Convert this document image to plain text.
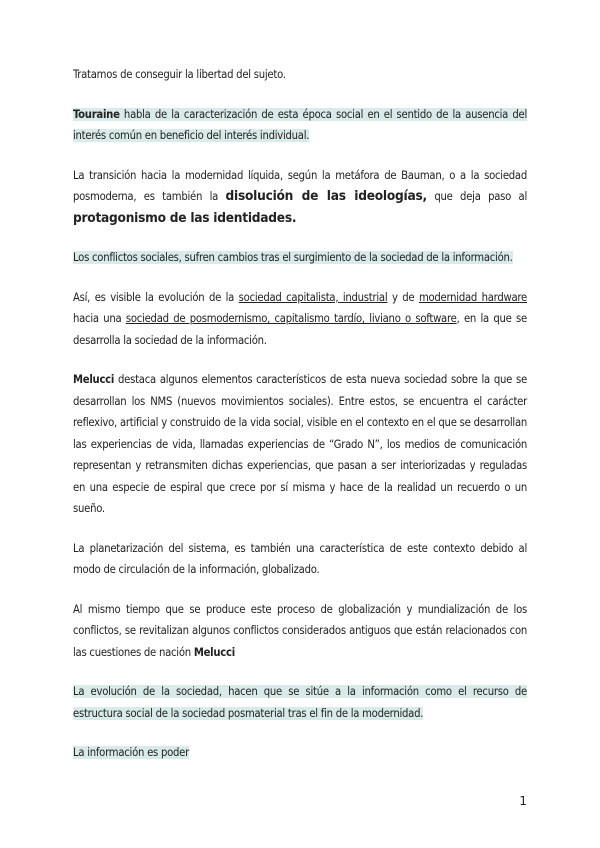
Tratamos de conseguir la libertad del sujeto.

Touraine habla de la caracterización de esta época social en el sentido de la ausencia del interés común en beneficio del interés individual.

La transición hacia la modernidad líquida, según la metáfora de Bauman, o a la sociedad posmoderna, es también la disolución de las ideologías, que deja paso al protagonismo de las identidades.

Los conflictos sociales, sufren cambios tras el surgimiento de la sociedad de la información.

Así, es visible la evolución de la sociedad capitalista, industrial y de modernidad hardware hacia una sociedad de posmodernismo, capitalismo tardío, liviano o software, en la que se desarrolla la sociedad de la información.

Melucci destaca algunos elementos característicos de esta nueva sociedad sobre la que se desarrollan los NMS (nuevos movimientos sociales). Entre estos, se encuentra el carácter reflexivo, artificial y construido de la vida social, visible en el contexto en el que se desarrollan las experiencias de vida, llamadas experiencias de “Grado N”, los medios de comunicación representan y retransmiten dichas experiencias, que pasan a ser interiorizadas y reguladas en una especie de espiral que crece por sí misma y hace de la realidad un recuerdo o un sueño.

La planetarización del sistema, es también una característica de este contexto debido al modo de circulación de la información, globalizado.

Al mismo tiempo que se produce este proceso de globalización y mundialización de los conflictos, se revitalizan algunos conflictos considerados antiguos que están relacionados con las cuestiones de nación Melucci

La evolución de la sociedad, hacen que se sitúe a la información como el recurso de estructura social de la sociedad posmaterial tras el fin de la modernidad.

La información es poder

1
